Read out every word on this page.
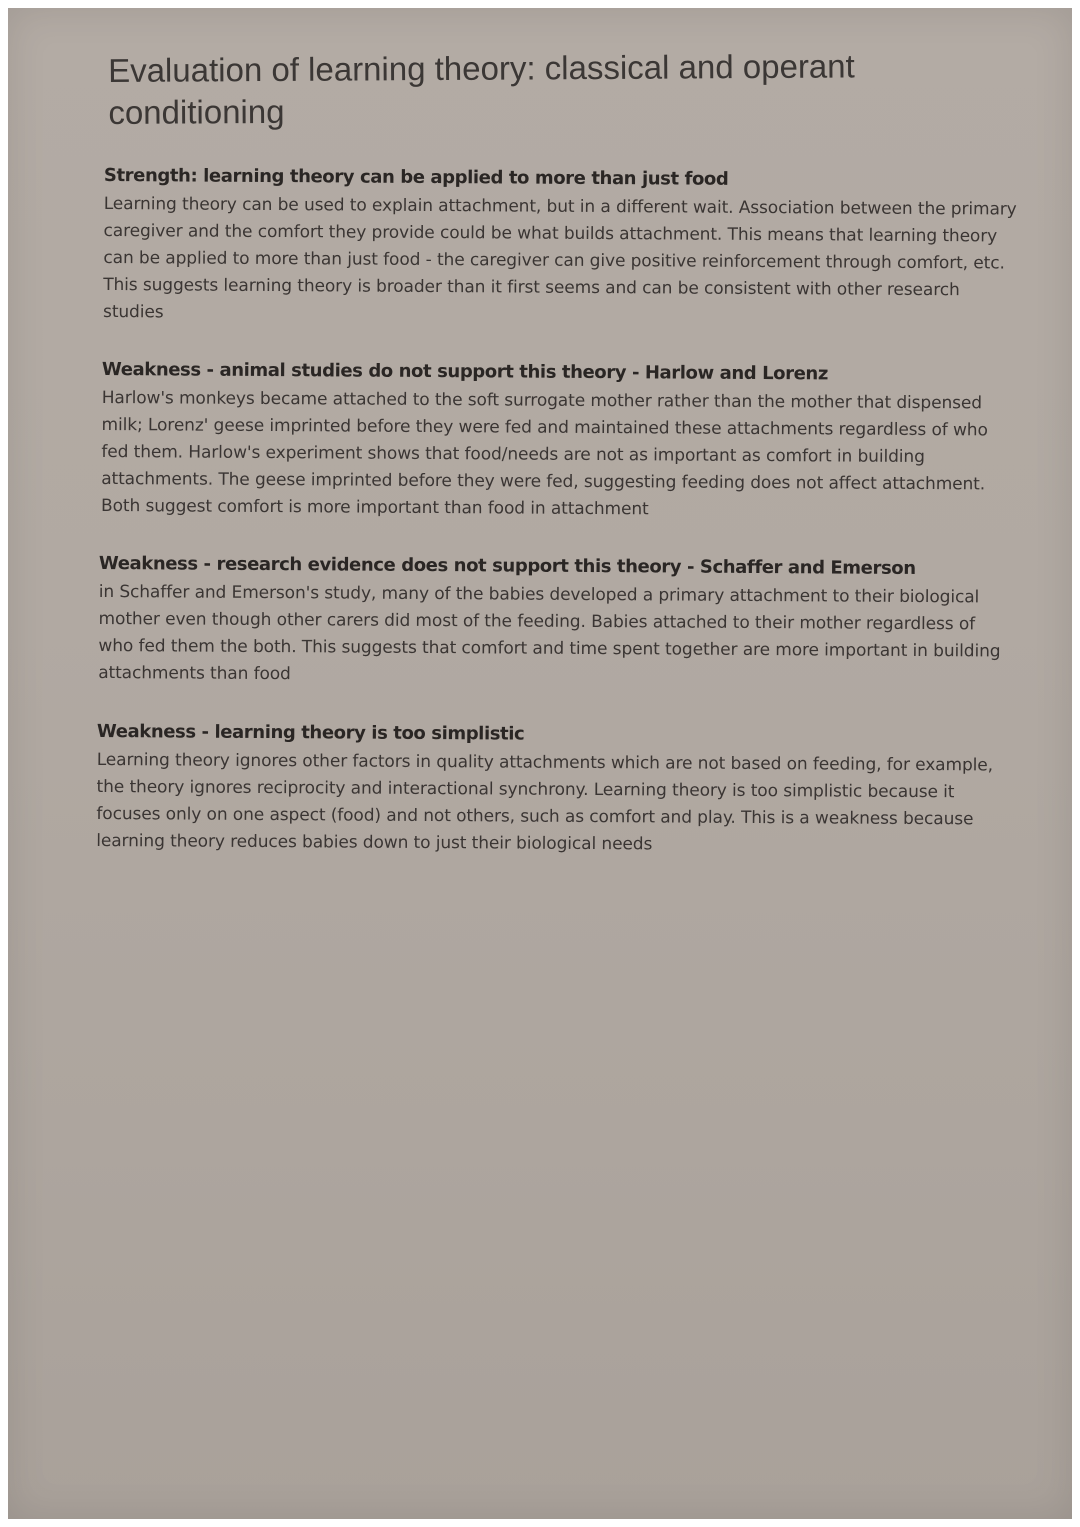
Evaluation of learning theory: classical and operant conditioning
Strength: learning theory can be applied to more than just food

Learning theory can be used to explain attachment, but in a different wait. Association between the primary caregiver and the comfort they provide could be what builds attachment. This means that learning theory can be applied to more than just food - the caregiver can give positive reinforcement through comfort, etc. This suggests learning theory is broader than it first seems and can be consistent with other research studies

Weakness - animal studies do not support this theory - Harlow and Lorenz

Harlow's monkeys became attached to the soft surrogate mother rather than the mother that dispensed milk; Lorenz' geese imprinted before they were fed and maintained these attachments regardless of who fed them. Harlow's experiment shows that food/needs are not as important as comfort in building attachments. The geese imprinted before they were fed, suggesting feeding does not affect attachment. Both suggest comfort is more important than food in attachment

Weakness - research evidence does not support this theory - Schaffer and Emerson

in Schaffer and Emerson's study, many of the babies developed a primary attachment to their biological mother even though other carers did most of the feeding. Babies attached to their mother regardless of who fed them the both. This suggests that comfort and time spent together are more important in building attachments than food

Weakness - learning theory is too simplistic

Learning theory ignores other factors in quality attachments which are not based on feeding, for example, the theory ignores reciprocity and interactional synchrony. Learning theory is too simplistic because it focuses only on one aspect (food) and not others, such as comfort and play. This is a weakness because learning theory reduces babies down to just their biological needs
